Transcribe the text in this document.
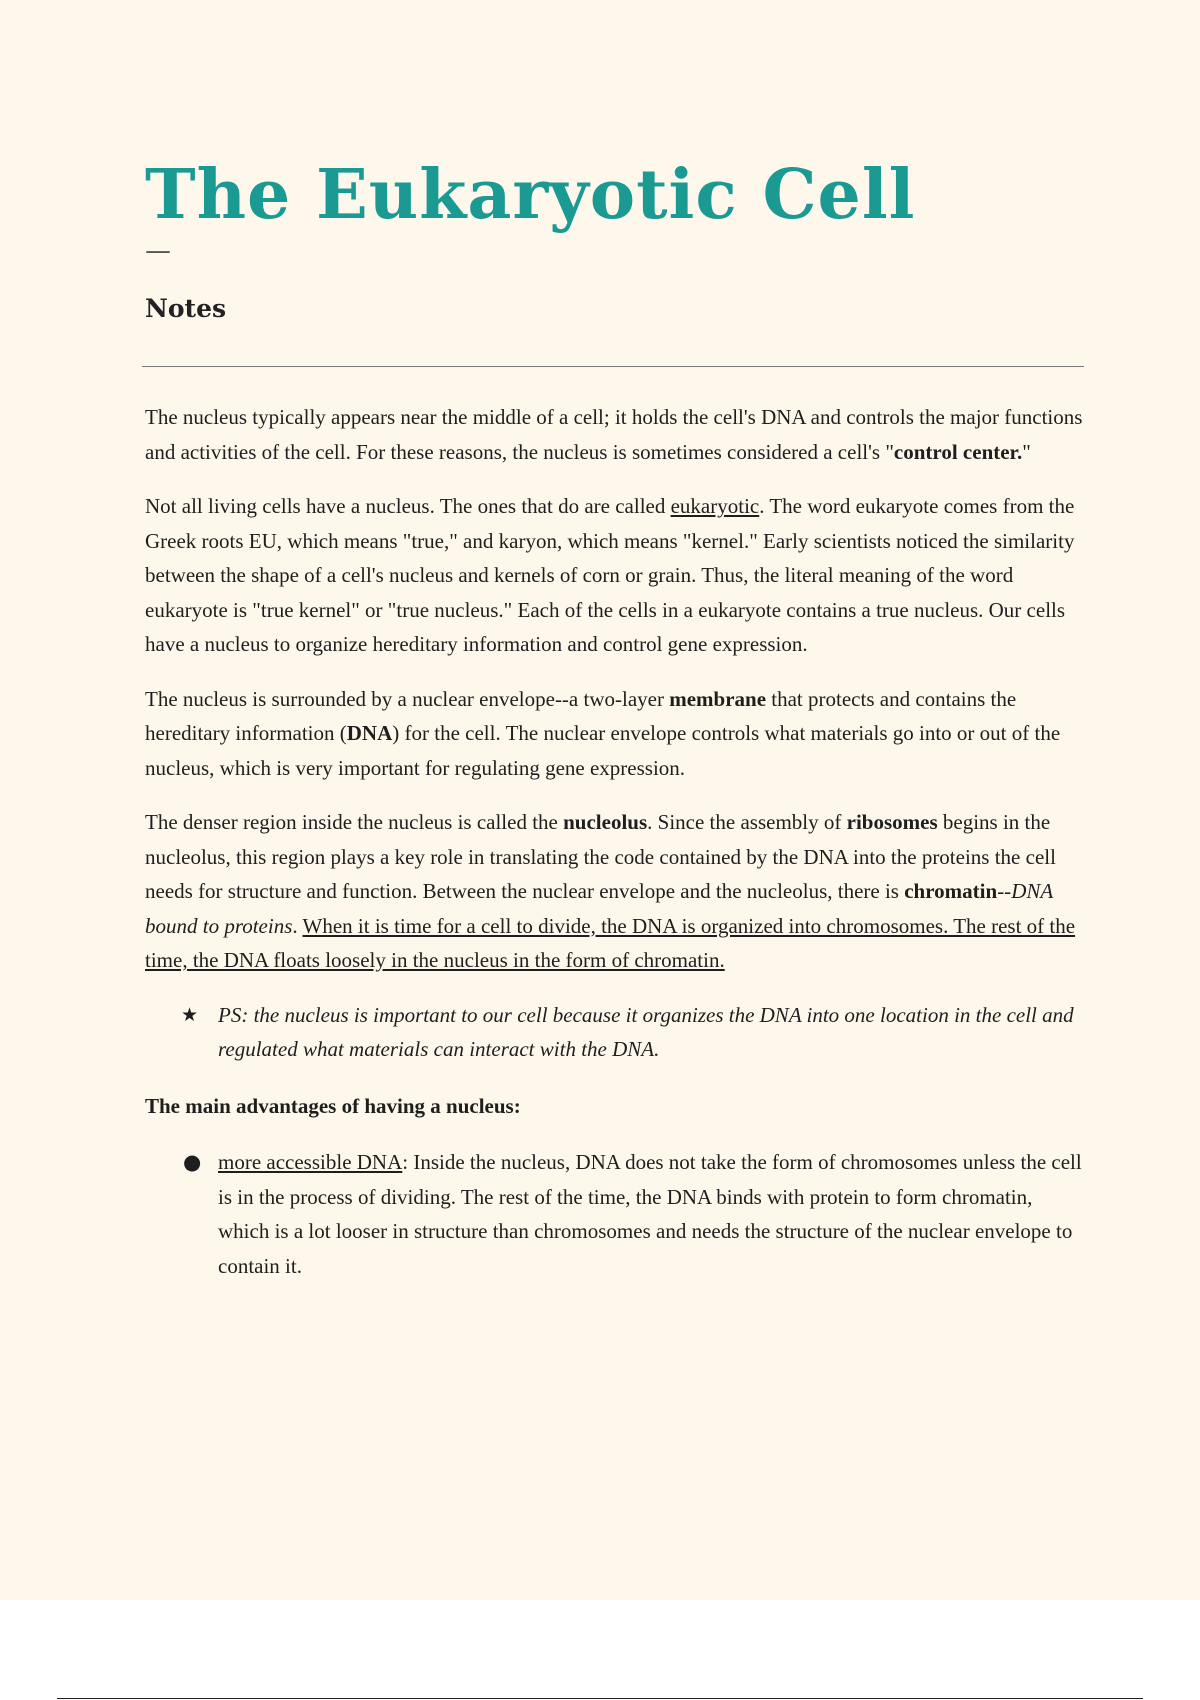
The Eukaryotic Cell
—
Notes

The nucleus typically appears near the middle of a cell; it holds the cell's DNA and controls the major functions and activities of the cell. For these reasons, the nucleus is sometimes considered a cell's "control center."

Not all living cells have a nucleus. The ones that do are called eukaryotic. The word eukaryote comes from the Greek roots EU, which means "true," and karyon, which means "kernel." Early scientists noticed the similarity between the shape of a cell's nucleus and kernels of corn or grain. Thus, the literal meaning of the word eukaryote is "true kernel" or "true nucleus." Each of the cells in a eukaryote contains a true nucleus. Our cells have a nucleus to organize hereditary information and control gene expression.

The nucleus is surrounded by a nuclear envelope--a two-layer membrane that protects and contains the hereditary information (DNA) for the cell. The nuclear envelope controls what materials go into or out of the nucleus, which is very important for regulating gene expression.

The denser region inside the nucleus is called the nucleolus. Since the assembly of ribosomes begins in the nucleolus, this region plays a key role in translating the code contained by the DNA into the proteins the cell needs for structure and function. Between the nuclear envelope and the nucleolus, there is chromatin--DNA bound to proteins. When it is time for a cell to divide, the DNA is organized into chromosomes. The rest of the time, the DNA floats loosely in the nucleus in the form of chromatin.

★ PS: the nucleus is important to our cell because it organizes the DNA into one location in the cell and regulated what materials can interact with the DNA.

The main advantages of having a nucleus:

● more accessible DNA: Inside the nucleus, DNA does not take the form of chromosomes unless the cell is in the process of dividing. The rest of the time, the DNA binds with protein to form chromatin, which is a lot looser in structure than chromosomes and needs the structure of the nuclear envelope to contain it.
